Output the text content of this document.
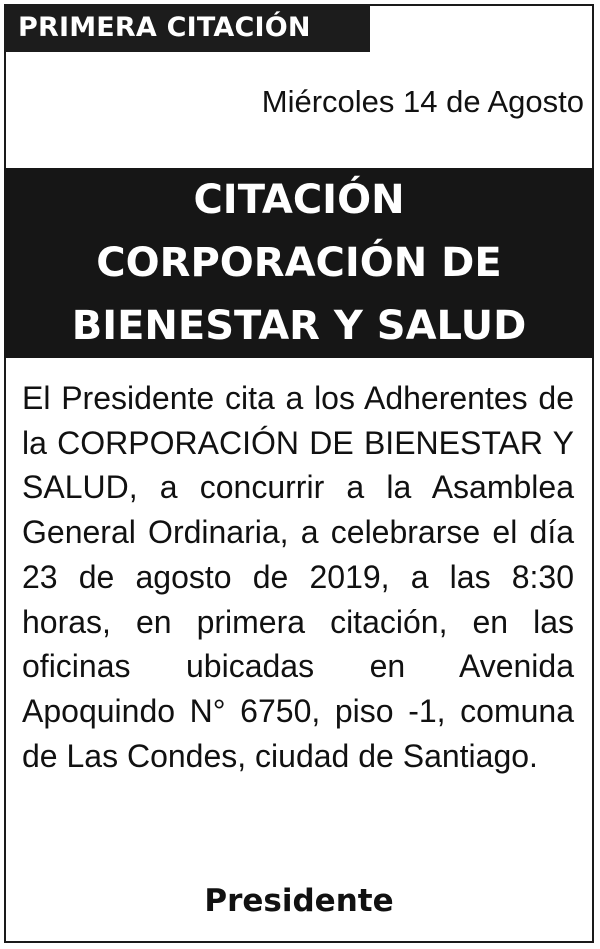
PRIMERA CITACIÓN
Miércoles 14 de Agosto
CITACIÓN
CORPORACIÓN DE
BIENESTAR Y SALUD

El Presidente cita a los Adherentes de la CORPORACIÓN DE BIENESTAR Y SALUD, a concurrir a la Asamblea General Ordinaria, a celebrarse el día 23 de agosto de 2019, a las 8:30 horas, en primera citación, en las oficinas ubicadas en Avenida Apoquindo N° 6750, piso -1, comuna de Las Condes, ciudad de Santiago.

Presidente
